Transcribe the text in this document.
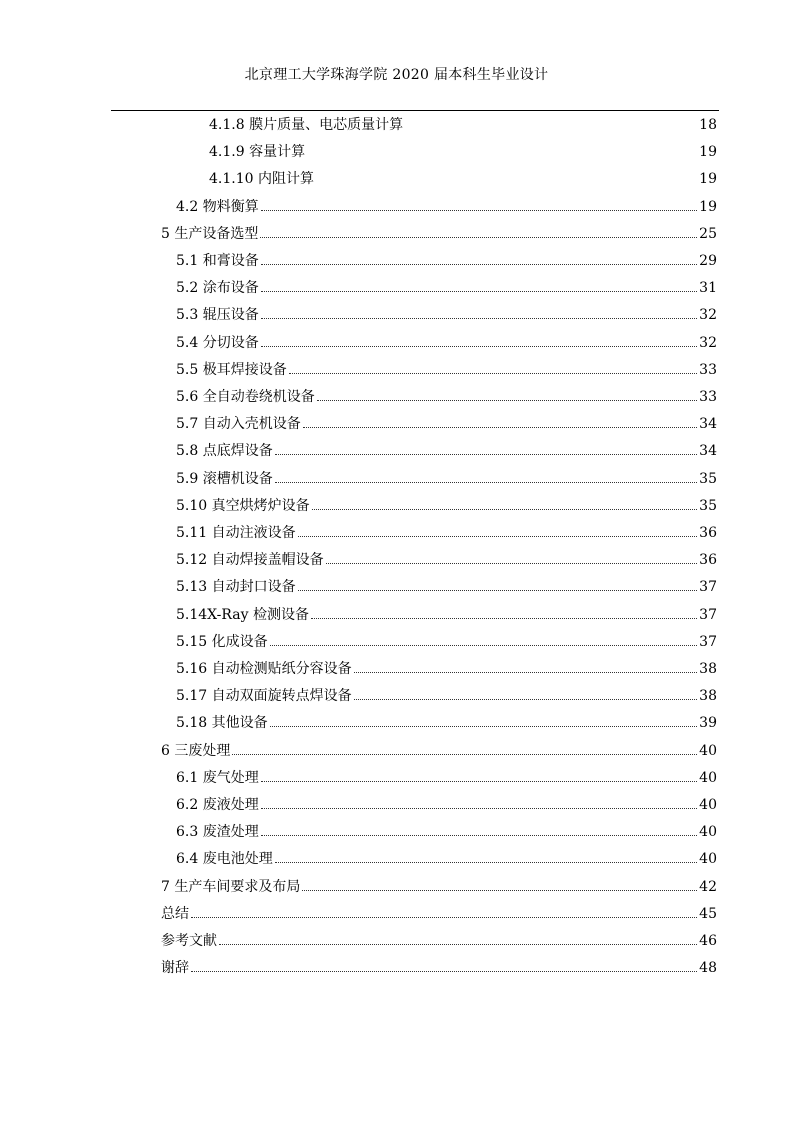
北京理工大学珠海学院 2020 届本科生毕业设计
4.1.8 膜片质量、电芯质量计算	18
4.1.9 容量计算	19
4.1.10 内阻计算	19
4.2 物料衡算	19
5 生产设备选型	25
5.1 和膏设备	29
5.2 涂布设备	31
5.3 辊压设备	32
5.4 分切设备	32
5.5 极耳焊接设备	33
5.6 全自动卷绕机设备	33
5.7 自动入壳机设备	34
5.8 点底焊设备	34
5.9 滚槽机设备	35
5.10 真空烘烤炉设备	35
5.11 自动注液设备	36
5.12 自动焊接盖帽设备	36
5.13 自动封口设备	37
5.14X-Ray 检测设备	37
5.15 化成设备	37
5.16 自动检测贴纸分容设备	38
5.17 自动双面旋转点焊设备	38
5.18 其他设备	39
6 三废处理	40
6.1 废气处理	40
6.2 废液处理	40
6.3 废渣处理	40
6.4 废电池处理	40
7 生产车间要求及布局	42
总结	45
参考文献	46
谢辞	48
